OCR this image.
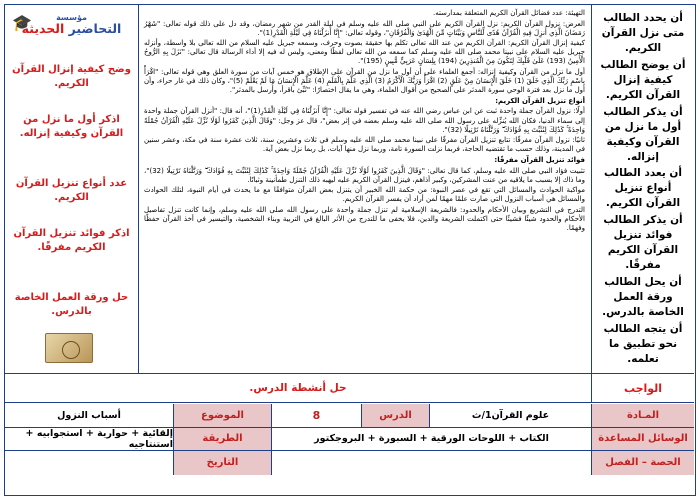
أن يحدد الطالب متى نزل القرآن الكريم.
أن يوضح الطالب كيفية إنزال القرآن الكريم.
أن يذكر الطالب أول ما نزل من القرآن وكيفية إنزاله.
أن يعدد الطالب أنواع تنزيل القرآن الكريم.
أن يذكر الطالب فوائد تنزيل القرآن الكريم مفرقًا.
أن يحل الطالب ورقة العمل الخاصة بالدرس.
أن يتجه الطالب نحو تطبيق ما تعلمه.

التهيئة: عدد فضائل القرآن الكريم المتعلقة بمدارسته.

العرض: نزول القرآن الكريم: نزل القرآن الكريم على النبي صلى الله عليه وسلم في ليلة القدر من شهر رمضان، وقد دل على ذلك قوله تعالى: "شَهْرُ رَمَضَانَ الَّذِي أُنزِلَ فِيهِ الْقُرْآنُ هُدًى لِّلنَّاسِ وَبَيِّنَاتٍ مِّنَ الْهُدَىٰ وَالْفُرْقَانِ"، وقوله تعالى: "إِنَّا أَنزَلْنَاهُ فِي لَيْلَةِ الْقَدْرِ(1)".

كيفية إنزال القرآن الكريم: القرآن الكريم من عند الله تعالى تكلم بها حقيقة بصوت وحرف، وسمعه جبريل عليه السلام من الله تعالى بلا واسطة، وأنزله جبريل عليه السلام على نبينا محمد صلى الله عليه وسلم كما سمعه من الله تعالى لفظًا ومعنى، وليس له فيه إلا أداء الرسالة قال تعالى: "نَزَلَ بِهِ الرُّوحُ الْأَمِينُ (193) عَلَىٰ قَلْبِكَ لِتَكُونَ مِنَ الْمُنذِرِينَ (194) بِلِسَانٍ عَرَبِيٍّ مُّبِينٍ (195)".

أول ما نزل من القرآن وكيفية إنزاله: أجمع العلماء على أن أول ما نزل من القرآن على الإطلاق هو خمس آيات من سورة العلق وهي قوله تعالى: "اقْرَأْ بِاسْمِ رَبِّكَ الَّذِي خَلَقَ (1) خَلَقَ الْإِنسَانَ مِنْ عَلَقٍ (2) اقْرَأْ وَرَبُّكَ الْأَكْرَمُ (3) الَّذِي عَلَّمَ بِالْقَلَمِ (4) عَلَّمَ الْإِنسَانَ مَا لَمْ يَعْلَمْ (5)"، وكان ذلك في غار حراء، وأن أول ما نزل بعد فترة الوحي سورة المدثر على الصحيح من أقوال العلماء، وهي ما يقال اختصارًا: "نُبِّئ باقرأ، وأُرسل بالمدثر".

أنواع تنزيل القرآن الكريم:

أولًا: نزول القرآن جملة واحدة ثبت عن ابن عباس رضي الله عنه في تفسير قوله تعالى: "إِنَّا أَنزَلْنَاهُ فِي لَيْلَةِ الْقَدْرِ(1)"، أنه قال: "أنزل القرآن جملة واحدة إلى سماء الدنيا، فكان الله يُنزِّله على رسول الله صلى الله عليه وسلم بعضه في إثر بعض"، قال عز وجل: "وَقَالَ الَّذِينَ كَفَرُوا لَوْلَا نُزِّلَ عَلَيْهِ الْقُرْآنُ جُمْلَةً وَاحِدَةً ۚ كَذَٰلِكَ لِنُثَبِّتَ بِهِ فُؤَادَكَ ۖ وَرَتَّلْنَاهُ تَرْتِيلًا (32)".

ثانيًا: نزول القرآن مفرقًا: تتابع تنزيل القرآن مفرقًا على نبينا محمد صلى الله عليه وسلم في ثلاث وعشرين سنة، ثلاث عشرة سنة في مكة، وعشر سنين في المدينة، وذلك حسب ما تقتضيه الحاجة، فربما نزلت السورة تامة، وربما نزل منها آيات، بل ربما نزل بعض آية.

فوائد تنزيل القرآن مفرقًا:

تثبيت فؤاد النبي صلى الله عليه وسلم، كما قال تعالى: "وَقَالَ الَّذِينَ كَفَرُوا لَوْلَا نُزِّلَ عَلَيْهِ الْقُرْآنُ جُمْلَةً وَاحِدَةً ۚ كَذَٰلِكَ لِنُثَبِّتَ بِهِ فُؤَادَكَ ۖ وَرَتَّلْنَاهُ تَرْتِيلًا (32)"، وما ذاك إلا بسبب ما يلاقيه من عنت المشركين، وكبير أذاهم، فينزل القرآن الكريم عليه ليهبه ذلك التنزل طمأنينة وثباتًا.

مواكبة الحوادث والمسائل التي تقع في عصر النبوة: من حكمة الله الخبير أن يتنزل بعض القرآن متوافقًا مع ما يحدث في أيام النبوة، لتلك الحوادث والمسائل هي أسباب النزول التي صارت علمًا مهمًا لمن أراد أن يفسر القرآن الكريم.

التدرج في التشريع وبيان الأحكام والحدود: فالشريعة الإسلامية لم تنزل جملة واحدة على رسول الله صلى الله عليه وسلم، وإنما كانت تنزل تفاصيل الأحكام والحدود شيئًا فشيئًا حتى اكتملت الشريعة والدين، فلا يخفى ما للتدرج من الأثر البالغ في التربية وبناء الشخصية، والتيسير في أخذ القرآن حفظًا وفهمًا.

🎓	مؤسسة
التحاضير الحديثة
وضح كيفية إنزال القرآن الكريم.
اذكر أول ما نزل من القرآن وكيفية إنزاله.
عدد أنواع تنزيل القرآن الكريم.
اذكر فوائد تنزيل القرآن الكريم مفرقًا.
حل ورقة العمل الخاصة بالدرس.
الواجب
حل أنشطة الدرس.
المـادة
علوم القرآن1/ث
الدرس
8
الموضوع
أسباب النزول
الوسائل المساعدة
الكتاب + اللوحات الورقية + السبورة + البروجكتور
الطريقة
إلقائية + حوارية + استجوابيه + استنتاجيه
الحصة – الفصل
التاريخ
